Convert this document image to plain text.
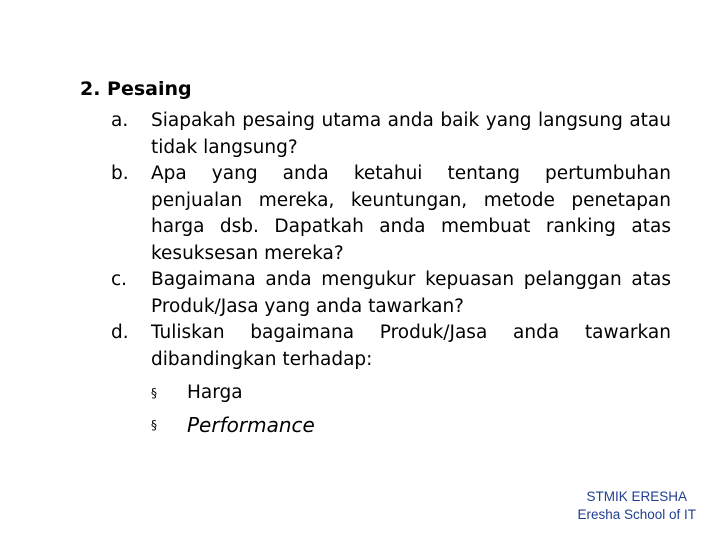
2. Pesaing
a. Siapakah pesaing utama anda baik yang langsung atau tidak langsung?
b. Apa yang anda ketahui tentang pertumbuhan penjualan mereka, keuntungan, metode penetapan harga dsb. Dapatkah anda membuat ranking atas kesuksesan mereka?
c. Bagaimana anda mengukur kepuasan pelanggan atas Produk/Jasa yang anda tawarkan?
d. Tuliskan bagaimana Produk/Jasa anda tawarkan dibandingkan terhadap:
§ Harga
§ Performance
STMIK ERESHA
Eresha School of IT
